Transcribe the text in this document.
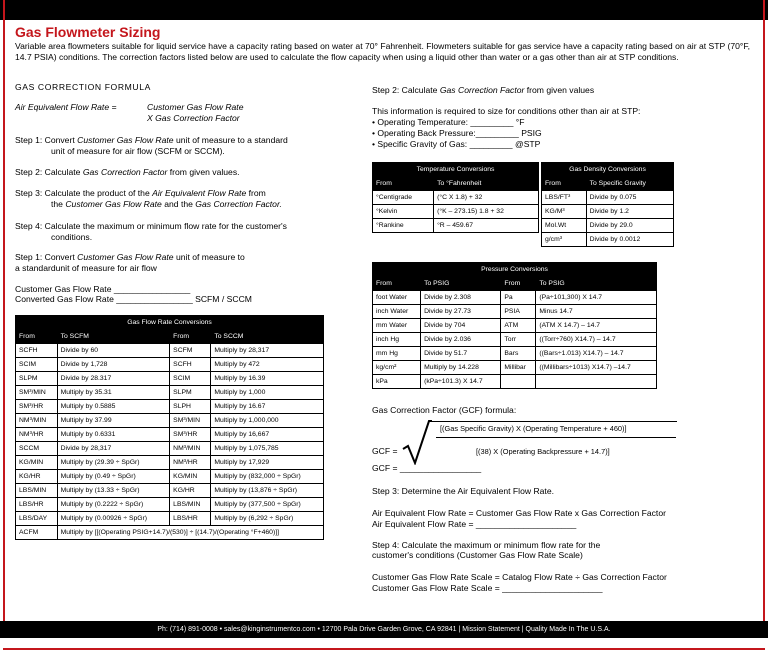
Gas Flowmeter Sizing
Variable area flowmeters suitable for liquid service have a capacity rating based on water at 70° Fahrenheit. Flowmeters suitable for gas service have a capacity rating based on air at STP (70°F, 14.7 PSIA) conditions. The correction factors listed below are used to calculate the flow capacity when using a liquid other than water or a gas other than air at STP conditions.
GAS CORRECTION FORMULA
Air Equivalent Flow Rate =	Customer Gas Flow Rate
X Gas Correction Factor
Step 1: Convert Customer Gas Flow Rate unit of measure to a standard
unit of measure for air flow (SCFM or SCCM).
Step 2: Calculate Gas Correction Factor from given values.
Step 3: Calculate the product of the Air Equivalent Flow Rate from
the Customer Gas Flow Rate and the Gas Correction Factor.
Step 4: Calculate the maximum or minimum flow rate for the customer's
conditions.
Step 1: Convert Customer Gas Flow Rate unit of measure to
a standardunit of measure for air flow
Customer Gas Flow Rate ________________
Converted Gas Flow Rate ________________ SCFM / SCCM
Gas Flow Rate Conversions			
From	To SCFM	From	To SCCM
SCFH	Divide by 60	SCFM	Multiply by 28,317
SCIM	Divide by 1,728	SCFH	Multiply by 472
SLPM	Divide by 28.317	SCIM	Multiply by 16.39
SM³/MIN	Multiply by 35.31	SLPM	Multiply by 1,000
SM³/HR	Multiply by 0.5885	SLPH	Multiply by 16.67
NM³/MIN	Multiply by 37.99	SM³/MIN	Multiply by 1,000,000
NM³/HR	Multiply by 0.6331	SM³/HR	Multiply by 16,667
SCCM	Divide by 28,317	NM³/MIN	Multiply by 1,075,785
KG/MIN	Multiply by (29.39 ÷ SpGr)	NM³/HR	Multiply by 17,929
KG/HR	Multiply by (0.49 ÷ SpGr)	KG/MIN	Multiply by (832,000 ÷ SpGr)
LBS/MIN	Multiply by (13.33 ÷ SpGr)	KG/HR	Multiply by (13,876 ÷ SpGr)
LBS/HR	Multiply by (0.2222 ÷ SpGr)	LBS/MIN	Multiply by (377,500 ÷ SpGr)
LBS/DAY	Multiply by (0.00926 ÷ SpGr)	LBS/HR	Multiply by (6,292 ÷ SpGr)
ACFM	Multiply by [[(Operating PSIG+14.7)/(530)] ÷ [(14.7)/(Operating °F+460)]]		
Step 2: Calculate Gas Correction Factor from given values
This information is required to size for conditions other than air at STP:
• Operating Temperature: _________ °F
• Operating Back Pressure:_________ PSIG
• Specific Gravity of Gas: _________ @STP
Temperature Conversions	
From	To °Fahrenheit
°Centigrade	(°C X 1.8) + 32
°Kelvin	(°K – 273.15) 1.8 + 32
°Rankine	°R – 459.67
Gas Density Conversions	
From	To Specific Gravity
LBS/FT³	Divide by 0.075
KG/M³	Divide by 1.2
Mol.Wt	Divide by 29.0
g/cm³	Divide by 0.0012
Pressure Conversions			
From	To PSIG	From	To PSIG
foot Water	Divide by 2.308	Pa	(Pa÷101,300) X 14.7
inch Water	Divide by 27.73	PSIA	Minus 14.7
mm Water	Divide by 704	ATM	(ATM X 14.7) – 14.7
inch Hg	Divide by 2.036	Torr	((Torr÷760) X14.7) – 14.7
mm Hg	Divide by 51.7	Bars	((Bars÷1.013) X14.7) – 14.7
kg/cm²	Multiply by 14.228	Millibar	((Millibars÷1013) X14.7) –14.7
kPa	(kPa÷101.3) X 14.7		
Gas Correction Factor (GCF) formula:
GCF =
[(Gas Specific Gravity) X (Operating Temperature + 460)]
[(38) X (Operating Backpressure + 14.7)]
GCF = _________________
Step 3: Determine the Air Equivalent Flow Rate.
Air Equivalent Flow Rate = Customer Gas Flow Rate x Gas Correction Factor
Air Equivalent Flow Rate = _____________________
Step 4: Calculate the maximum or minimum flow rate for the
customer's conditions (Customer Gas Flow Rate Scale)
Customer Gas Flow Rate Scale = Catalog Flow Rate ÷ Gas Correction Factor
Customer Gas Flow Rate Scale = _____________________
Ph: (714) 891-0008 • sales@kinginstrumentco.com • 12700 Pala Drive Garden Grove, CA 92841 | Mission Statement | Quality Made In The U.S.A.
